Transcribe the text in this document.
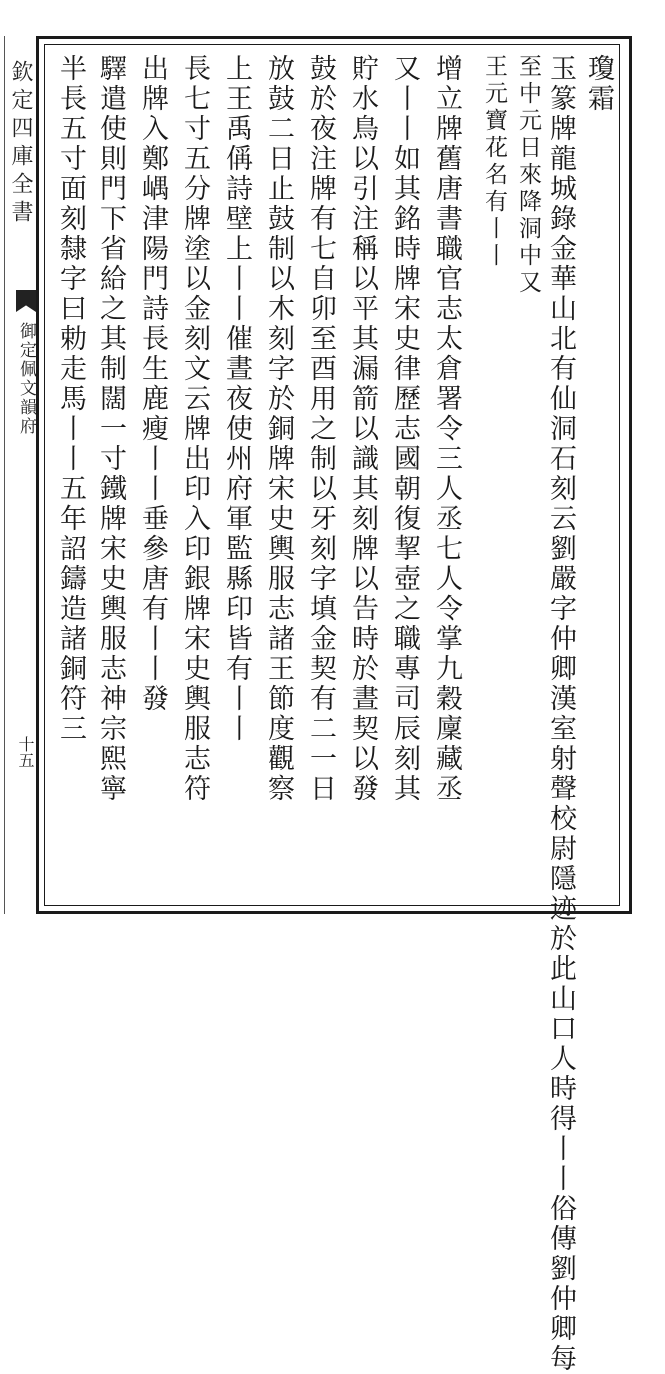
欽定四庫全書
御定佩文韻府
十五
瓊霜
玉篆牌龍城錄金華山北有仙洞石刻云劉嚴字仲卿漢室射聲校尉隱迹於此山口人時得丨丨俗傳劉仲卿每
至中元日來降洞中又
王元寶花名有丨丨
增立牌舊唐書職官志太倉署令三人丞七人令掌九穀廩藏丞
又丨丨如其銘時牌宋史律歷志國朝復挈壺之職專司辰刻其
貯水鳥以引注稱以平其漏箭以識其刻牌以告時於晝契以發
鼓於夜注牌有七自卯至酉用之制以牙刻字填金契有二一日
放鼓二日止鼓制以木刻字於銅牌宋史輿服志諸王節度觀察
上王禹偁詩壁上丨丨催晝夜使州府軍監縣印皆有丨丨
長七寸五分牌塗以金刻文云牌出印入印銀牌宋史輿服志符
出牌入鄭嵎津陽門詩長生鹿瘦丨丨垂參唐有丨丨發
驛遣使則門下省給之其制闊一寸鐵牌宋史輿服志神宗熙寧
半長五寸面刻隸字曰勅走馬丨丨五年詔鑄造諸銅符三
